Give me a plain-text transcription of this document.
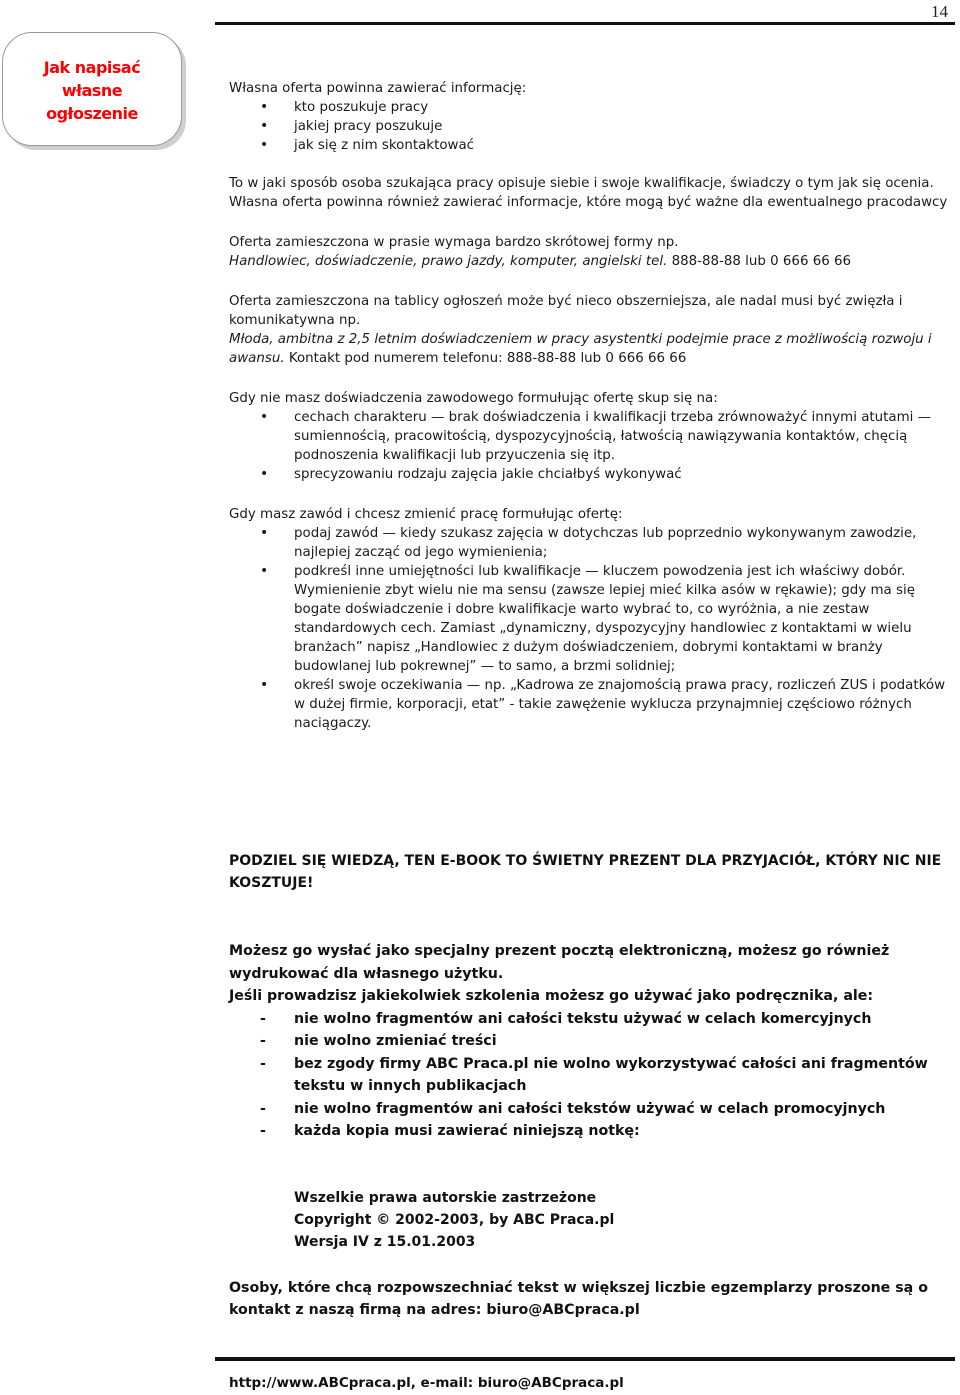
14
Jak napisać
własne
ogłoszenie

Własna oferta powinna zawierać informację:

• kto poszukuje pracy
• jakiej pracy poszukuje
• jak się z nim skontaktować

To w jaki sposób osoba szukająca pracy opisuje siebie i swoje kwalifikacje, świadczy o tym jak się ocenia. Własna oferta powinna również zawierać informacje, które mogą być ważne dla ewentualnego pracodawcy

Oferta zamieszczona w prasie wymaga bardzo skrótowej formy np.

Handlowiec, doświadczenie, prawo jazdy, komputer, angielski tel. 888-88-88 lub 0 666 66 66

Oferta zamieszczona na tablicy ogłoszeń może być nieco obszerniejsza, ale nadal musi być zwięzła i komunikatywna np.

Młoda, ambitna z 2,5 letnim doświadczeniem w pracy asystentki podejmie prace z możliwością rozwoju i awansu. Kontakt pod numerem telefonu: 888-88-88 lub 0 666 66 66

Gdy nie masz doświadczenia zawodowego formułując ofertę skup się na:

• cechach charakteru — brak doświadczenia i kwalifikacji trzeba zrównoważyć innymi atutami — sumiennością, pracowitością, dyspozycyjnością, łatwością nawiązywania kontaktów, chęcią podnoszenia kwalifikacji lub przyuczenia się itp.
• sprecyzowaniu rodzaju zajęcia jakie chciałbyś wykonywać

Gdy masz zawód i chcesz zmienić pracę formułując ofertę:

• podaj zawód — kiedy szukasz zajęcia w dotychczas lub poprzednio wykonywanym zawodzie, najlepiej zacząć od jego wymienienia;
• podkreśl inne umiejętności lub kwalifikacje — kluczem powodzenia jest ich właściwy dobór. Wymienienie zbyt wielu nie ma sensu (zawsze lepiej mieć kilka asów w rękawie); gdy ma się bogate doświadczenie i dobre kwalifikacje warto wybrać to, co wyróżnia, a nie zestaw standardowych cech. Zamiast „dynamiczny, dyspozycyjny handlowiec z kontaktami w wielu branżach” napisz „Handlowiec z dużym doświadczeniem, dobrymi kontaktami w branży budowlanej lub pokrewnej” — to samo, a brzmi solidniej;
• określ swoje oczekiwania — np. „Kadrowa ze znajomością prawa pracy, rozliczeń ZUS i podatków w dużej firmie, korporacji, etat” - takie zawężenie wyklucza przynajmniej częściowo różnych naciągaczy.
PODZIEL SIĘ WIEDZĄ, TEN E-BOOK TO ŚWIETNY PREZENT DLA PRZYJACIÓŁ, KTÓRY NIC NIE KOSZTUJE!

Możesz go wysłać jako specjalny prezent pocztą elektroniczną, możesz go również wydrukować dla własnego użytku.

Jeśli prowadzisz jakiekolwiek szkolenia możesz go używać jako podręcznika, ale:

- nie wolno fragmentów ani całości tekstu używać w celach komercyjnych

- nie wolno zmieniać treści

- bez zgody firmy ABC Praca.pl nie wolno wykorzystywać całości ani fragmentów tekstu w innych publikacjach

- nie wolno fragmentów ani całości tekstów używać w celach promocyjnych

- każda kopia musi zawierać niniejszą notkę:

Wszelkie prawa autorskie zastrzeżone
Copyright © 2002-2003, by ABC Praca.pl
Wersja IV z 15.01.2003
Osoby, które chcą rozpowszechniać tekst w większej liczbie egzemplarzy proszone są o kontakt z naszą firmą na adres: biuro@ABCpraca.pl
http://www.ABCpraca.pl, e-mail: biuro@ABCpraca.pl
